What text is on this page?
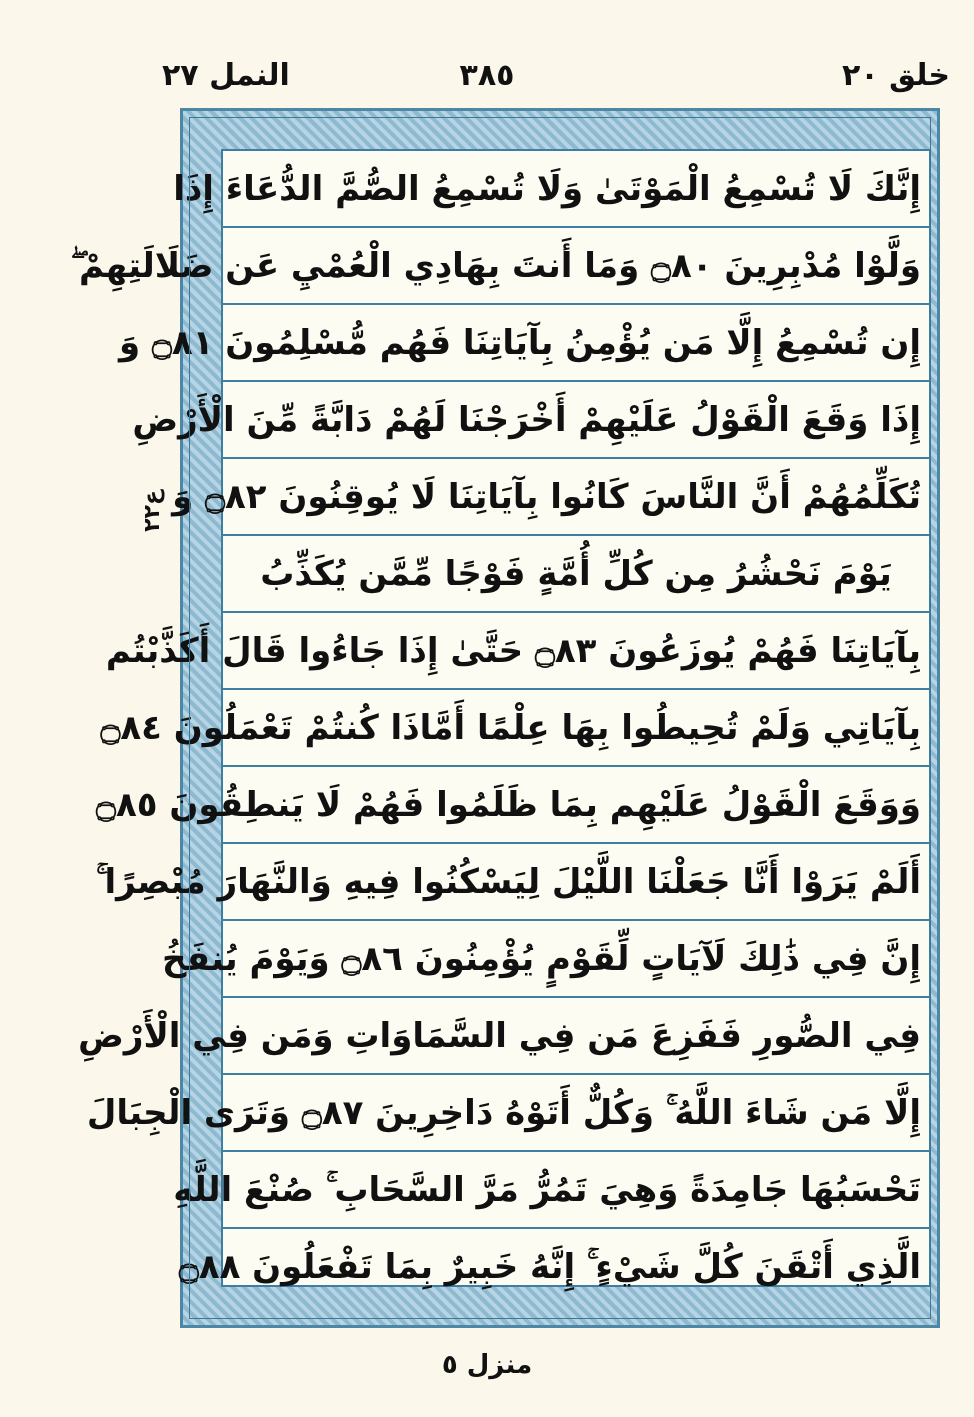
خلق ٢٠
٣٨٥
النمل ٢٧
ع٢٢
إِنَّكَ لَا تُسْمِعُ الْمَوْتَىٰ وَلَا تُسْمِعُ الصُّمَّ الدُّعَاءَ إِذَا
وَلَّوْا مُدْبِرِينَ ۝٨٠ وَمَا أَنتَ بِهَادِي الْعُمْيِ عَن ضَلَالَتِهِمْ ۖ
إِن تُسْمِعُ إِلَّا مَن يُؤْمِنُ بِآيَاتِنَا فَهُم مُّسْلِمُونَ ۝٨١ وَ
إِذَا وَقَعَ الْقَوْلُ عَلَيْهِمْ أَخْرَجْنَا لَهُمْ دَابَّةً مِّنَ الْأَرْضِ
تُكَلِّمُهُمْ أَنَّ النَّاسَ كَانُوا بِآيَاتِنَا لَا يُوقِنُونَ ۝٨٢ وَ
يَوْمَ نَحْشُرُ مِن كُلِّ أُمَّةٍ فَوْجًا مِّمَّن يُكَذِّبُ
بِآيَاتِنَا فَهُمْ يُوزَعُونَ ۝٨٣ حَتَّىٰ إِذَا جَاءُوا قَالَ أَكَذَّبْتُم
بِآيَاتِي وَلَمْ تُحِيطُوا بِهَا عِلْمًا أَمَّاذَا كُنتُمْ تَعْمَلُونَ ۝٨٤
وَوَقَعَ الْقَوْلُ عَلَيْهِم بِمَا ظَلَمُوا فَهُمْ لَا يَنطِقُونَ ۝٨٥
أَلَمْ يَرَوْا أَنَّا جَعَلْنَا اللَّيْلَ لِيَسْكُنُوا فِيهِ وَالنَّهَارَ مُبْصِرًا ۚ
إِنَّ فِي ذَٰلِكَ لَآيَاتٍ لِّقَوْمٍ يُؤْمِنُونَ ۝٨٦ وَيَوْمَ يُنفَخُ
فِي الصُّورِ فَفَزِعَ مَن فِي السَّمَاوَاتِ وَمَن فِي الْأَرْضِ
إِلَّا مَن شَاءَ اللَّهُ ۚ وَكُلٌّ أَتَوْهُ دَاخِرِينَ ۝٨٧ وَتَرَى الْجِبَالَ
تَحْسَبُهَا جَامِدَةً وَهِيَ تَمُرُّ مَرَّ السَّحَابِ ۚ صُنْعَ اللَّهِ
الَّذِي أَتْقَنَ كُلَّ شَيْءٍ ۚ إِنَّهُ خَبِيرٌ بِمَا تَفْعَلُونَ ۝٨٨
منزل ٥
